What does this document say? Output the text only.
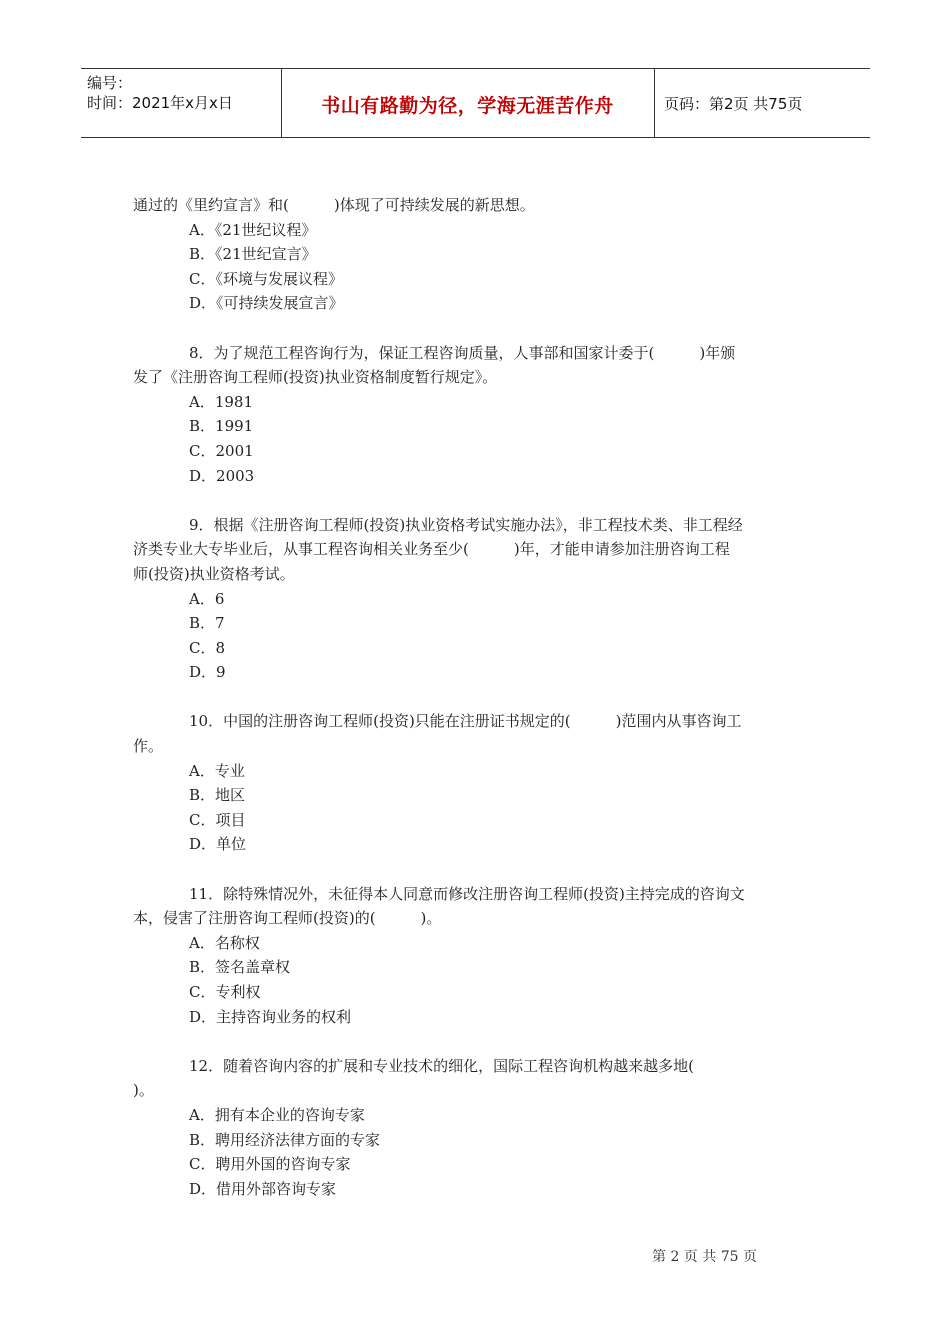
编号：
时间：2021年x月x日	书山有路勤为径，学海无涯苦作舟	页码：第2页 共75页
通过的《里约宣言》和(　　　)体现了可持续发展的新思想。
A．《21世纪议程》
B．《21世纪宣言》
C．《环境与发展议程》
D．《可持续发展宣言》
8．为了规范工程咨询行为，保证工程咨询质量，人事部和国家计委于(　　　)年颁
发了《注册咨询工程师(投资)执业资格制度暂行规定》。
A．1981
B．1991
C．2001
D．2003
9．根据《注册咨询工程师(投资)执业资格考试实施办法》，非工程技术类、非工程经
济类专业大专毕业后，从事工程咨询相关业务至少(　　　)年，才能申请参加注册咨询工程
师(投资)执业资格考试。
A．6
B．7
C．8
D．9
10．中国的注册咨询工程师(投资)只能在注册证书规定的(　　　)范围内从事咨询工
作。
A．专业
B．地区
C．项目
D．单位
11．除特殊情况外，未征得本人同意而修改注册咨询工程师(投资)主持完成的咨询文
本，侵害了注册咨询工程师(投资)的(　　　)。
A．名称权
B．签名盖章权
C．专利权
D．主持咨询业务的权利
12．随着咨询内容的扩展和专业技术的细化，国际工程咨询机构越来越多地(
)。
A．拥有本企业的咨询专家
B．聘用经济法律方面的专家
C．聘用外国的咨询专家
D．借用外部咨询专家
第 2 页 共 75 页
